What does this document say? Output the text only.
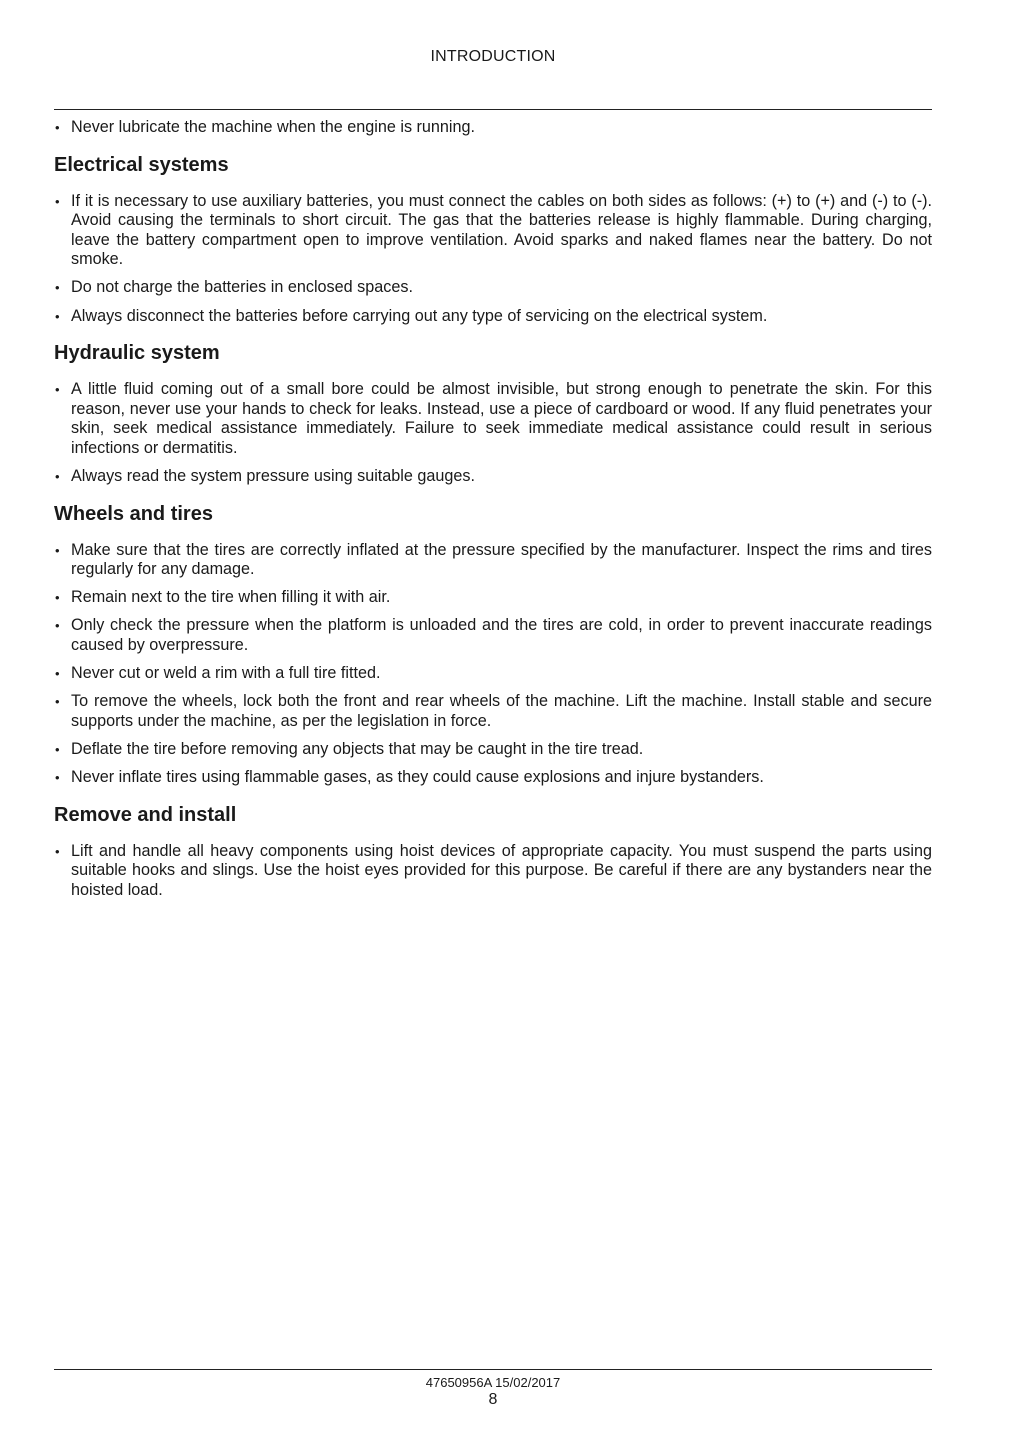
INTRODUCTION
• Never lubricate the machine when the engine is running.
Electrical systems
• If it is necessary to use auxiliary batteries, you must connect the cables on both sides as follows: (+) to (+) and (-) to (-). Avoid causing the terminals to short circuit. The gas that the batteries release is highly flammable. During charging, leave the battery compartment open to improve ventilation. Avoid sparks and naked flames near the battery. Do not smoke.
• Do not charge the batteries in enclosed spaces.
• Always disconnect the batteries before carrying out any type of servicing on the electrical system.
Hydraulic system
• A little fluid coming out of a small bore could be almost invisible, but strong enough to penetrate the skin. For this reason, never use your hands to check for leaks. Instead, use a piece of cardboard or wood. If any fluid penetrates your skin, seek medical assistance immediately. Failure to seek immediate medical assistance could result in serious infections or dermatitis.
• Always read the system pressure using suitable gauges.
Wheels and tires
• Make sure that the tires are correctly inflated at the pressure specified by the manufacturer. Inspect the rims and tires regularly for any damage.
• Remain next to the tire when filling it with air.
• Only check the pressure when the platform is unloaded and the tires are cold, in order to prevent inaccurate readings caused by overpressure.
• Never cut or weld a rim with a full tire fitted.
• To remove the wheels, lock both the front and rear wheels of the machine. Lift the machine. Install stable and secure supports under the machine, as per the legislation in force.
• Deflate the tire before removing any objects that may be caught in the tire tread.
• Never inflate tires using flammable gases, as they could cause explosions and injure bystanders.
Remove and install
• Lift and handle all heavy components using hoist devices of appropriate capacity. You must suspend the parts using suitable hooks and slings. Use the hoist eyes provided for this purpose. Be careful if there are any bystanders near the hoisted load.
47650956A 15/02/2017
8
